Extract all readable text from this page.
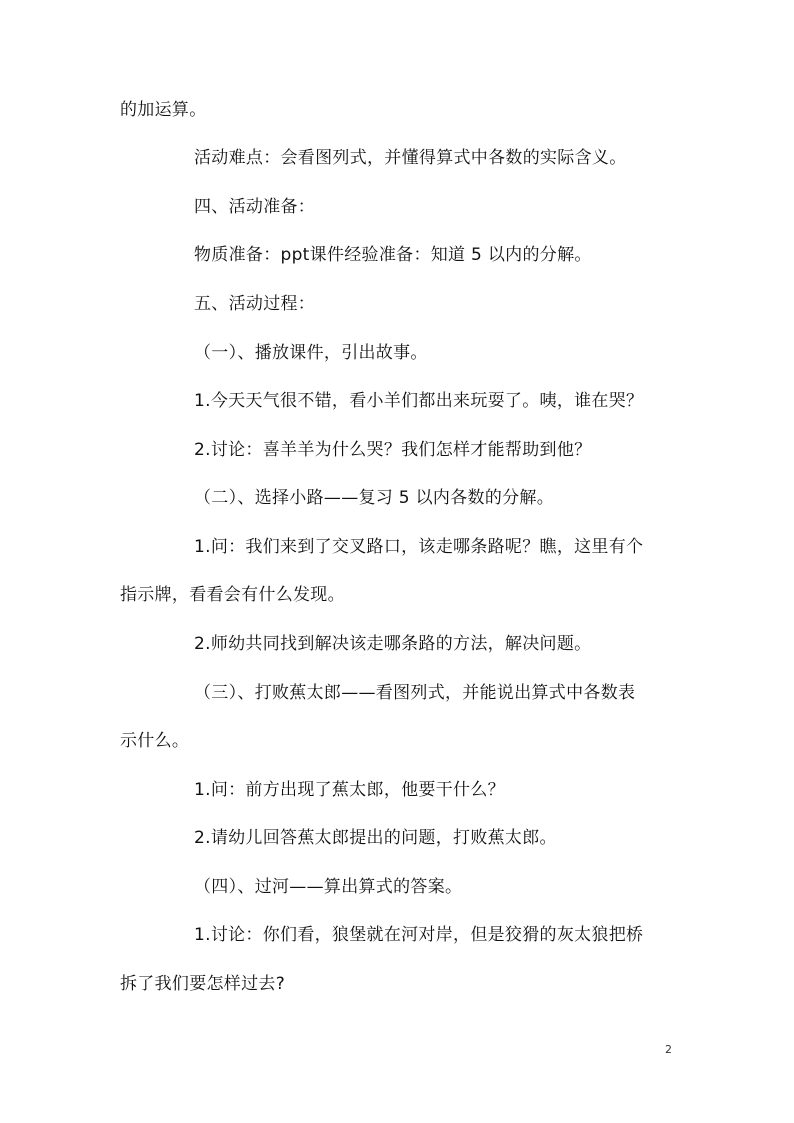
的加运算。
活动难点：会看图列式，并懂得算式中各数的实际含义。
四、活动准备：
物质准备：ppt课件经验准备：知道 5 以内的分解。
五、活动过程：
（一）、播放课件，引出故事。
1.今天天气很不错，看小羊们都出来玩耍了。咦，谁在哭？
2.讨论：喜羊羊为什么哭？我们怎样才能帮助到他？
（二）、选择小路——复习 5 以内各数的分解。
1.问：我们来到了交叉路口，该走哪条路呢？瞧，这里有个
指示牌，看看会有什么发现。
2.师幼共同找到解决该走哪条路的方法，解决问题。
（三）、打败蕉太郎——看图列式，并能说出算式中各数表
示什么。
1.问：前方出现了蕉太郎，他要干什么？
2.请幼儿回答蕉太郎提出的问题，打败蕉太郎。
（四）、过河——算出算式的答案。
1.讨论：你们看，狼堡就在河对岸，但是狡猾的灰太狼把桥
拆了我们要怎样过去?
2
